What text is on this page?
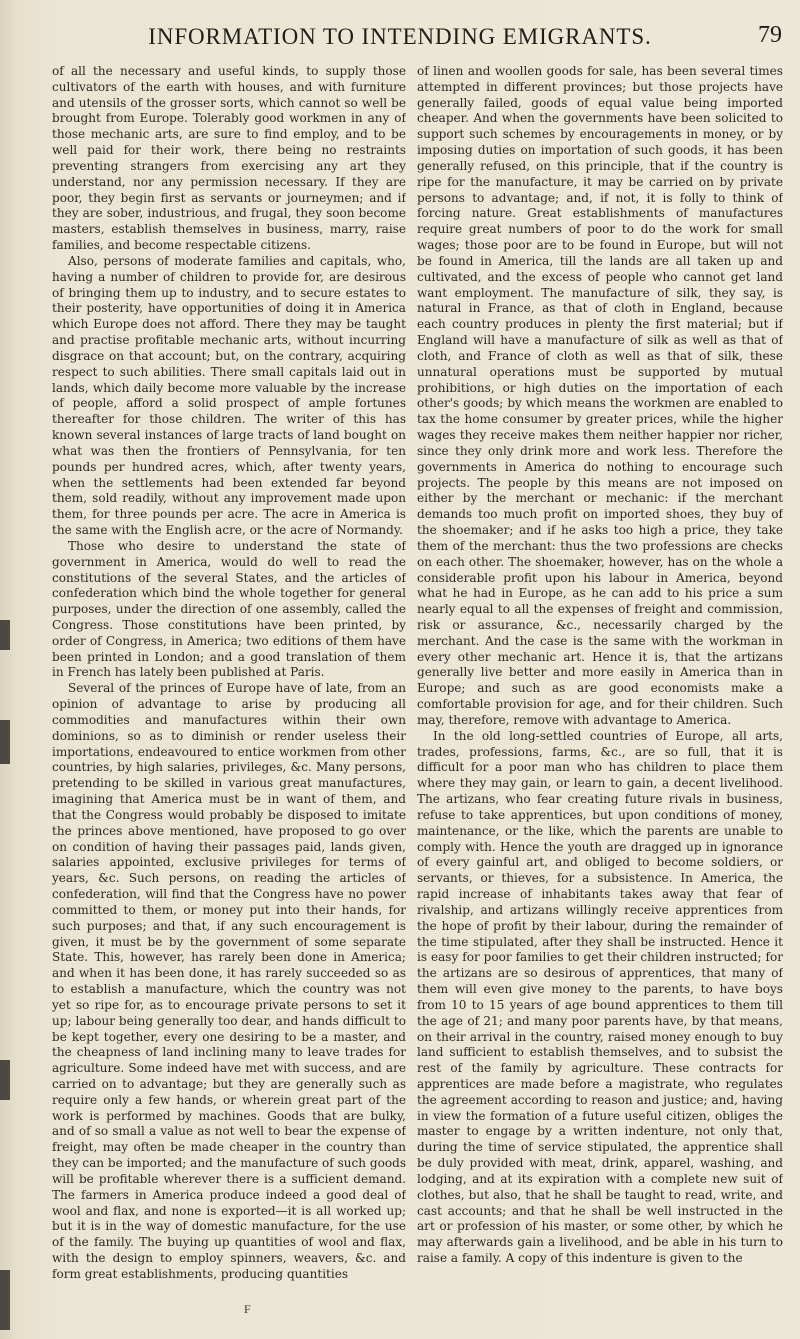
INFORMATION TO INTENDING EMIGRANTS.	79

of all the necessary and useful kinds, to supply those cultivators of the earth with houses, and with furniture and utensils of the grosser sorts, which cannot so well be brought from Europe. Tolerably good workmen in any of those mechanic arts, are sure to find employ, and to be well paid for their work, there being no restraints preventing strangers from exercising any art they understand, nor any permission necessary. If they are poor, they begin first as servants or journeymen; and if they are sober, industrious, and frugal, they soon become masters, establish themselves in business, marry, raise families, and become respectable citizens.

Also, persons of moderate families and capitals, who, having a number of children to provide for, are desirous of bringing them up to industry, and to secure estates to their posterity, have opportunities of doing it in America which Europe does not afford. There they may be taught and practise profitable mechanic arts, without incurring disgrace on that account; but, on the contrary, acquiring respect to such abilities. There small capitals laid out in lands, which daily become more valuable by the increase of people, afford a solid prospect of ample fortunes thereafter for those children. The writer of this has known several instances of large tracts of land bought on what was then the frontiers of Pennsylvania, for ten pounds per hundred acres, which, after twenty years, when the settlements had been extended far beyond them, sold readily, without any improvement made upon them, for three pounds per acre. The acre in America is the same with the English acre, or the acre of Normandy.

Those who desire to understand the state of government in America, would do well to read the constitutions of the several States, and the articles of confederation which bind the whole together for general purposes, under the direction of one assembly, called the Congress. Those constitutions have been printed, by order of Congress, in America; two editions of them have been printed in London; and a good translation of them in French has lately been published at Paris.

Several of the princes of Europe have of late, from an opinion of advantage to arise by producing all commodities and manufactures within their own dominions, so as to diminish or render useless their importations, endeavoured to entice workmen from other countries, by high salaries, privileges, &c. Many persons, pretending to be skilled in various great manufactures, imagining that America must be in want of them, and that the Congress would probably be disposed to imitate the princes above mentioned, have proposed to go over on condition of having their passages paid, lands given, salaries appointed, exclusive privileges for terms of years, &c. Such persons, on reading the articles of confederation, will find that the Congress have no power committed to them, or money put into their hands, for such purposes; and that, if any such encouragement is given, it must be by the government of some separate State. This, however, has rarely been done in America; and when it has been done, it has rarely succeeded so as to establish a manufacture, which the country was not yet so ripe for, as to encourage private persons to set it up; labour being generally too dear, and hands difficult to be kept together, every one desiring to be a master, and the cheapness of land inclining many to leave trades for agriculture. Some indeed have met with success, and are carried on to advantage; but they are generally such as require only a few hands, or wherein great part of the work is performed by machines. Goods that are bulky, and of so small a value as not well to bear the expense of freight, may often be made cheaper in the country than they can be imported; and the manufacture of such goods will be profitable wherever there is a sufficient demand. The farmers in America produce indeed a good deal of wool and flax, and none is exported—it is all worked up; but it is in the way of domestic manufacture, for the use of the family. The buying up quantities of wool and flax, with the design to employ spinners, weavers, &c. and form great establishments, producing quantities

of linen and woollen goods for sale, has been several times attempted in different provinces; but those projects have generally failed, goods of equal value being imported cheaper. And when the governments have been solicited to support such schemes by encouragements in money, or by imposing duties on importation of such goods, it has been generally refused, on this principle, that if the country is ripe for the manufacture, it may be carried on by private persons to advantage; and, if not, it is folly to think of forcing nature. Great establishments of manufactures require great numbers of poor to do the work for small wages; those poor are to be found in Europe, but will not be found in America, till the lands are all taken up and cultivated, and the excess of people who cannot get land want employment. The manufacture of silk, they say, is natural in France, as that of cloth in England, because each country produces in plenty the first material; but if England will have a manufacture of silk as well as that of cloth, and France of cloth as well as that of silk, these unnatural operations must be supported by mutual prohibitions, or high duties on the importation of each other's goods; by which means the workmen are enabled to tax the home consumer by greater prices, while the higher wages they receive makes them neither happier nor richer, since they only drink more and work less. Therefore the governments in America do nothing to encourage such projects. The people by this means are not imposed on either by the merchant or mechanic: if the merchant demands too much profit on imported shoes, they buy of the shoemaker; and if he asks too high a price, they take them of the merchant: thus the two professions are checks on each other. The shoemaker, however, has on the whole a considerable profit upon his labour in America, beyond what he had in Europe, as he can add to his price a sum nearly equal to all the expenses of freight and commission, risk or assurance, &c., necessarily charged by the merchant. And the case is the same with the workman in every other mechanic art. Hence it is, that the artizans generally live better and more easily in America than in Europe; and such as are good economists make a comfortable provision for age, and for their children. Such may, therefore, remove with advantage to America.

In the old long-settled countries of Europe, all arts, trades, professions, farms, &c., are so full, that it is difficult for a poor man who has children to place them where they may gain, or learn to gain, a decent livelihood. The artizans, who fear creating future rivals in business, refuse to take apprentices, but upon conditions of money, maintenance, or the like, which the parents are unable to comply with. Hence the youth are dragged up in ignorance of every gainful art, and obliged to become soldiers, or servants, or thieves, for a subsistence. In America, the rapid increase of inhabitants takes away that fear of rivalship, and artizans willingly receive apprentices from the hope of profit by their labour, during the remainder of the time stipulated, after they shall be instructed. Hence it is easy for poor families to get their children instructed; for the artizans are so desirous of apprentices, that many of them will even give money to the parents, to have boys from 10 to 15 years of age bound apprentices to them till the age of 21; and many poor parents have, by that means, on their arrival in the country, raised money enough to buy land sufficient to establish themselves, and to subsist the rest of the family by agriculture. These contracts for apprentices are made before a magistrate, who regulates the agreement according to reason and justice; and, having in view the formation of a future useful citizen, obliges the master to engage by a written indenture, not only that, during the time of service stipulated, the apprentice shall be duly provided with meat, drink, apparel, washing, and lodging, and at its expiration with a complete new suit of clothes, but also, that he shall be taught to read, write, and cast accounts; and that he shall be well instructed in the art or profession of his master, or some other, by which he may afterwards gain a livelihood, and be able in his turn to raise a family. A copy of this indenture is given to the

F
